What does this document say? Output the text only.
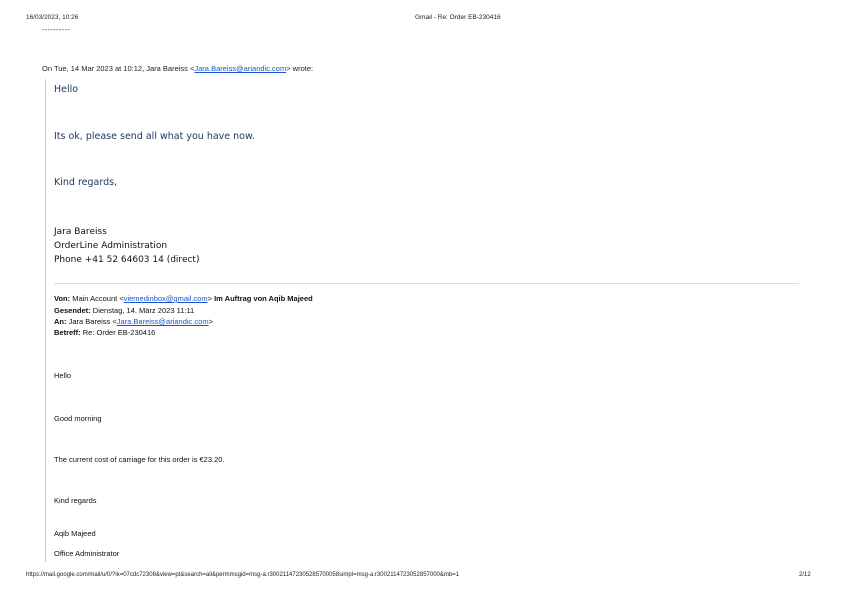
16/03/2023, 10:26	Gmail - Re: Order EB-230416
----------
On Tue, 14 Mar 2023 at 10:12, Jara Bareiss <Jara.Bareiss@ariandic.com> wrote:
Hello
Its ok, please send all what you have now.
Kind regards,
Jara Bareiss
OrderLine Administration
Phone +41 52 64603 14 (direct)
Von: Main Account <viemedinbox@gmail.com> Im Auftrag von Aqib Majeed
Gesendet: Dienstag, 14. März 2023 11:11
An: Jara Bareiss <Jara.Bareiss@ariandic.com>
Betreff: Re: Order EB-230416
Hello
Good morning
The current cost of carriage for this order is €23.20.
Kind regards
Aqib Majeed
Office Administrator
https://mail.google.com/mail/u/0/?ik=07cdc72308&view=pt&search=all&permmsgid=msg-a:r300211472305285700058simpl=msg-a:r3002114723052857000&mb=1	2/12
